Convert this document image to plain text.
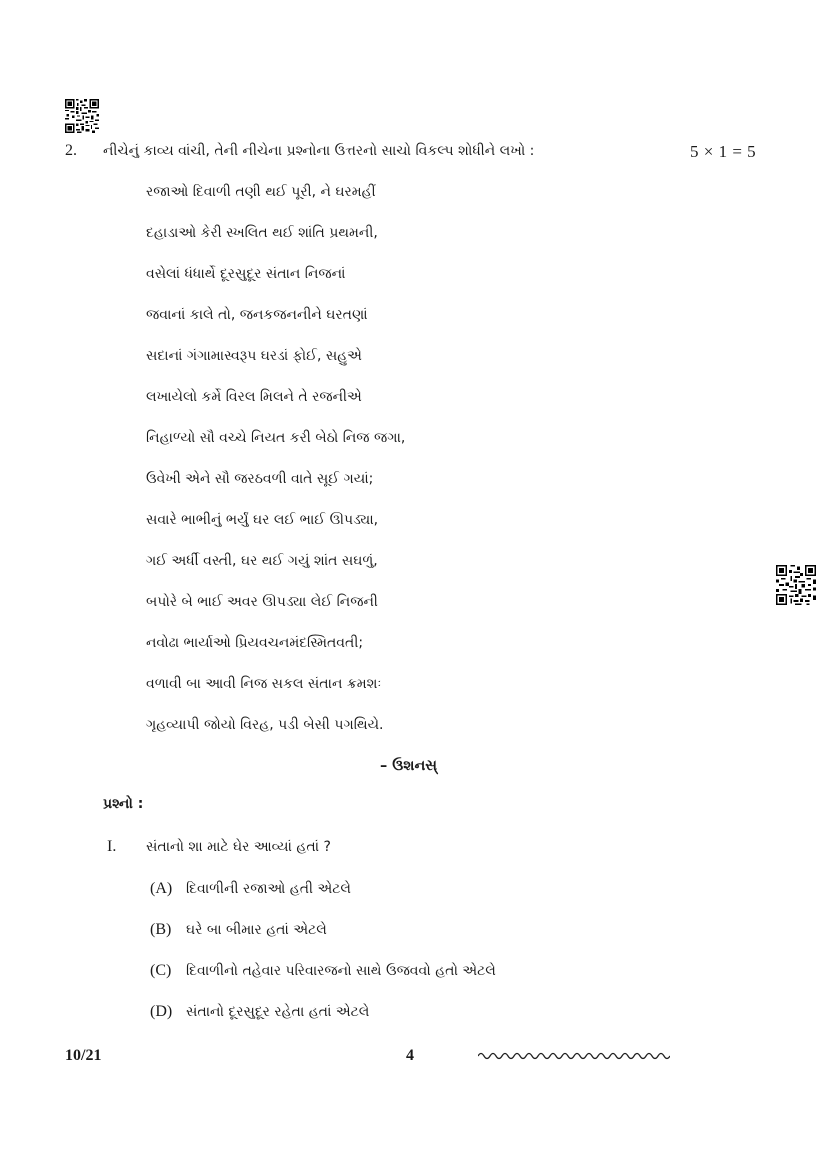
2. નીચેનું કાવ્ય વાંચી, તેની નીચેના પ્રશ્નોના ઉત્તરનો સાચો વિકલ્પ શોધીને લખો :	5 × 1 = 5
રજાઓ દિવાળી તણી થઈ પૂરી, ને ઘરમહીં
દહાડાઓ કેરી સ્ખલિત થઈ શાંતિ પ્રથમની,
વસેલાં ધંધાર્થે દૂરસુદૂર સંતાન નિજનાં
જવાનાં કાલે તો, જનકજનનીને ઘરતણાં
સદાનાં ગંગામાસ્વરૂપ ઘરડાં ફોઈ, સહુએ
લખાયેલો કર્મે વિરલ મિલને તે રજનીએ
નિહાળ્યો સૌ વચ્ચે નિયત કરી બેઠો નિજ જગા,
ઉવેખી એને સૌ જરઠવળી વાતે સૂઈ ગયાં;
સવારે ભાભીનું ભર્યું ઘર લઈ ભાઈ ઊપડ્યા,
ગઈ અર્ધી વસ્તી, ઘર થઈ ગયું શાંત સઘળું,
બપોરે બે ભાઈ અવર ઊપડ્યા લેઈ નિજની
નવોઢા ભાર્યાઓ પ્રિયવચનમંદસ્મિતવતી;
વળાવી બા આવી નિજ સકલ સંતાન ક્રમશઃ
ગૃહવ્યાપી જોયો વિરહ, પડી બેસી પગથિયે.
– ઉશનસ્
પ્રશ્નો :
I. સંતાનો શા માટે ઘેર આવ્યાં હતાં ?
(A) દિવાળીની રજાઓ હતી એટલે
(B) ઘરે બા બીમાર હતાં એટલે
(C) દિવાળીનો તહેવાર પરિવારજનો સાથે ઉજવવો હતો એટલે
(D) સંતાનો દૂરસુદૂર રહેતા હતાં એટલે
10/21	4
